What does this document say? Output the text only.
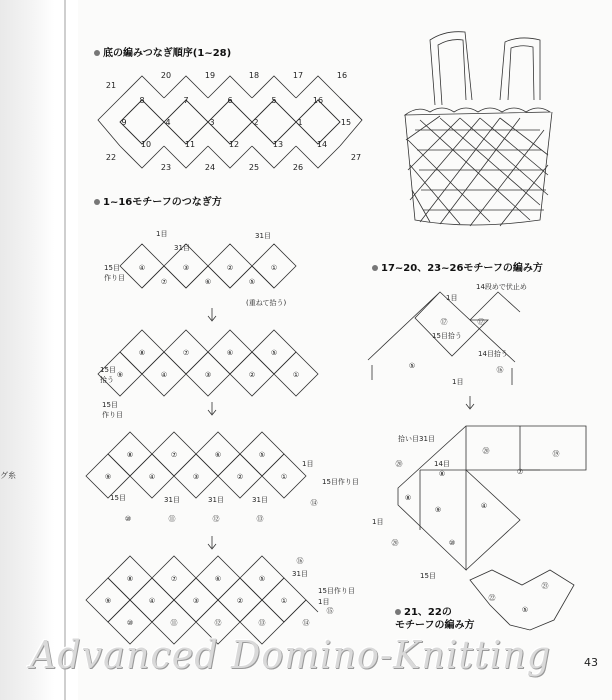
グ糸
底の編みつなぎ順序(1~28)
1~16モチーフのつなぎ方
17~20、23~26モチーフの編み方
21、22の
モチーフの編み方
21
20	19	18	17	16
8	7	6	5	16
9	4	3	2	1	15
10	11	12	13	14
22
23	24	25	26
27
④	③	②	①
⑦	⑥	⑤
15目
作り目
(重ねて拾う)
31目
31目
1目
⑧	⑦	⑥	⑤
④	③	②	①
⑨
15目
拾う
15目
作り目
⑧	⑦	⑥	⑤
⑨	④	③	②	①
⑩	⑪	⑫	⑬
⑭
15目作り目
1目
15目	31目	31目	31目
⑧	⑦	⑥	⑤
⑨	④	③	②	①
⑩	⑪	⑫	⑬	⑭
⑯
⑮
31目
15目作り目
1目
⑤	⑯
⑰	⑰
14段めで伏止め
15目拾う
14目拾う
1目
1目
⑳
⑦
⑲
⑧
④
⑩
⑨
⑳
⑳
⑧
拾い目31目
14目
1目
15目
㉒
㉑
⑤
Advanced Domino-Knitting	43
